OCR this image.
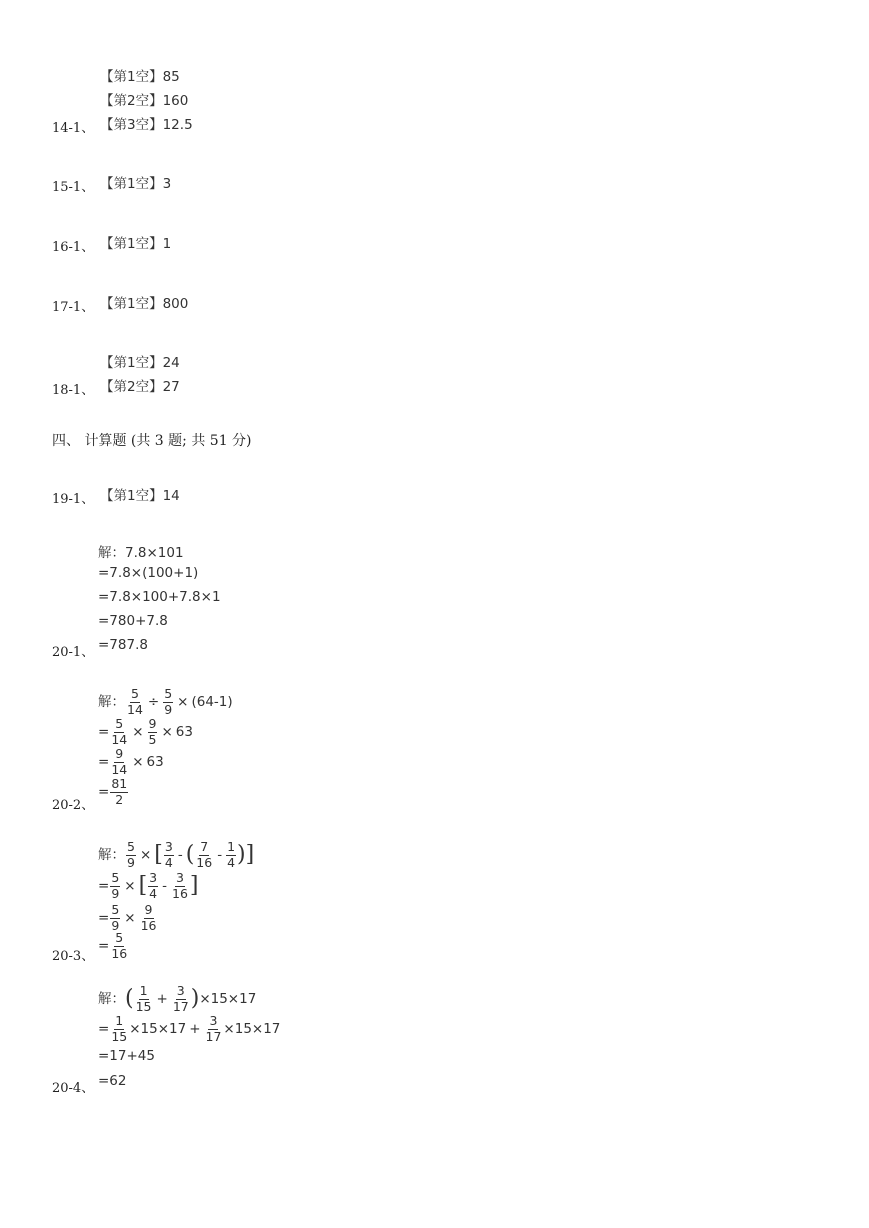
【第1空】85
【第2空】160
14-1、 【第3空】12.5
15-1、 【第1空】3
16-1、 【第1空】1
17-1、 【第1空】800
【第1空】24
18-1、 【第2空】27
四、 计算题 (共 3 题; 共 51 分)
19-1、 【第1空】14
解：7.8×101
=7.8×(100+1)
=7.8×100+7.8×1
=780+7.8
20-1、 =787.8
解： $\frac{5}{14} \div \frac{5}{9} \times (64-1)$
= $\frac{5}{14} \times \frac{9}{5} \times 63$
= $\frac{9}{14} \times 63$
20-2、
= $\frac{81}{2}$
解： $\frac{5}{9}$ × [ $\frac{3}{4}$ - ( $\frac{7}{16} - \frac{1}{4}$ )]
= $\frac{5}{9}$ × [ $\frac{3}{4} - \frac{3}{16}$ ]
= $\frac{5}{9} \times \frac{9}{16}$
20-3、
= $\frac{5}{16}$
解：( $\frac{1}{15} + \frac{3}{17} )\times 15\times 17$
= $\frac{1}{15} \times 15\times 17 + \frac{3}{17} \times 15\times 17$
=17+45
20-4、 =62
